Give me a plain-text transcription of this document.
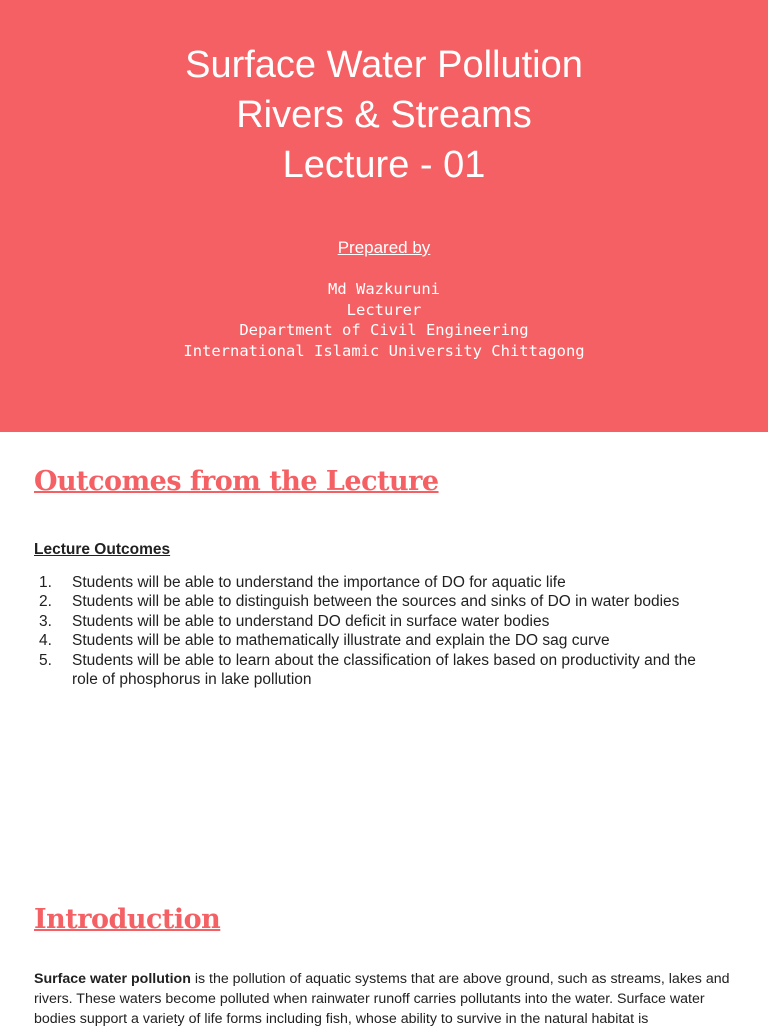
Surface Water Pollution
Rivers & Streams
Lecture - 01
Prepared by
Md Wazkuruni
Lecturer
Department of Civil Engineering
International Islamic University Chittagong
Outcomes from the Lecture
Lecture Outcomes
1. Students will be able to understand the importance of DO for aquatic life
2. Students will be able to distinguish between the sources and sinks of DO in water bodies
3. Students will be able to understand DO deficit in surface water bodies
4. Students will be able to mathematically illustrate and explain the DO sag curve
5. Students will be able to learn about the classification of lakes based on productivity and the role of phosphorus in lake pollution
Introduction
Surface water pollution is the pollution of aquatic systems that are above ground, such as streams, lakes and rivers. These waters become polluted when rainwater runoff carries pollutants into the water. Surface water bodies support a variety of life forms including fish, whose ability to survive in the natural habitat is
